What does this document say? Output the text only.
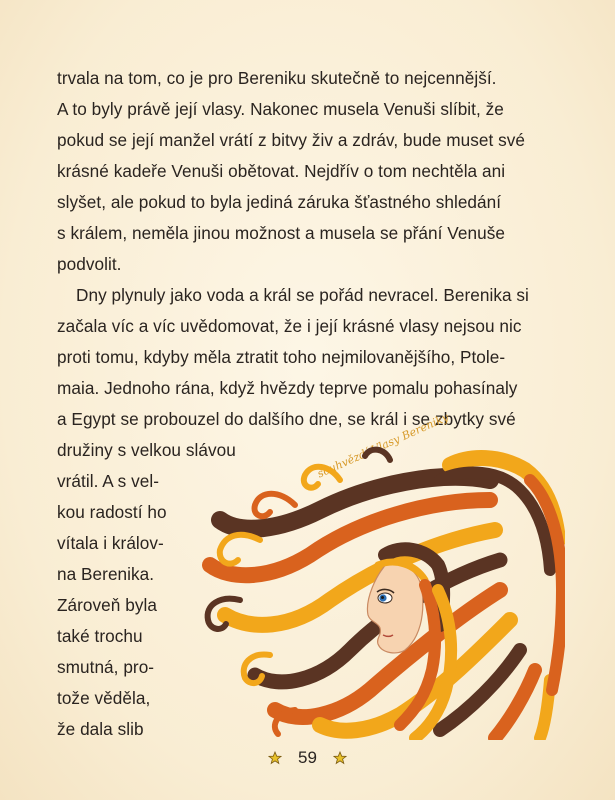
trvala na tom, co je pro Bereniku skutečně to nejcennější.
A to byly právě její vlasy. Nakonec musela Venuši slíbit, že
pokud se její manžel vrátí z bitvy živ a zdráv, bude muset své
krásné kadeře Venuši obětovat. Nejdřív o tom nechtěla ani
slyšet, ale pokud to byla jediná záruka šťastného shledání
s králem, neměla jinou možnost a musela se přání Venuše
podvolit.
Dny plynuly jako voda a král se pořád nevracel. Berenika si
začala víc a víc uvědomovat, že i její krásné vlasy nejsou nic
proti tomu, kdyby měla ztratit toho nejmilovanějšího, Ptole-
maia. Jednoho rána, když hvězdy teprve pomalu pohasínaly
a Egypt se probouzel do dalšího dne, se král i se zbytky své
družiny s velkou slávou
vrátil. A s vel-
kou radostí ho
vítala i králov-
na Berenika.
Zároveň byla
také trochu
smutná, pro-
tože věděla,
že dala slib
souhvězdí Vlasy Bereniky
59
